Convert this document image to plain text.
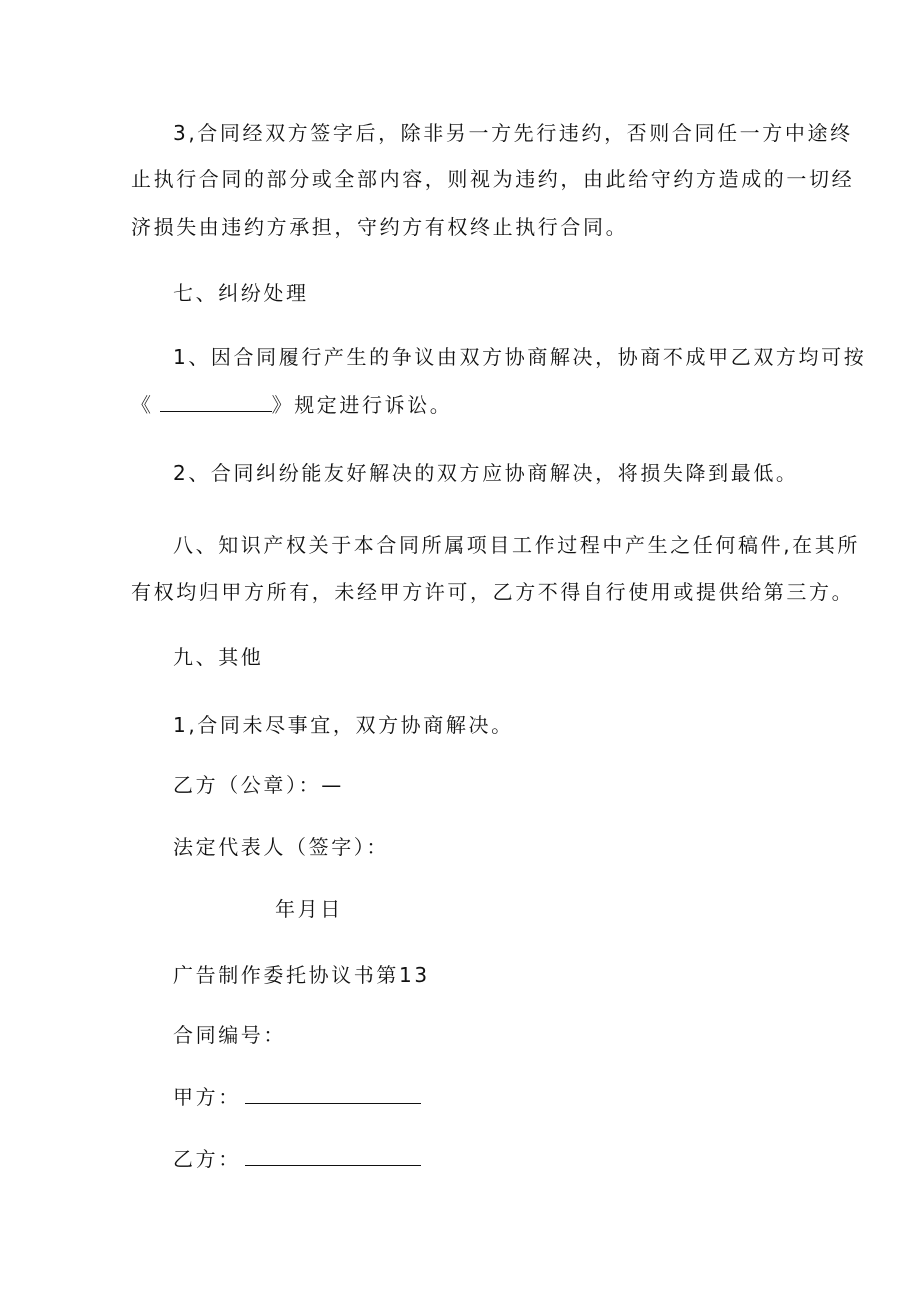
3,合同经双方签字后，除非另一方先行违约，否则合同任一方中途终
止执行合同的部分或全部内容，则视为违约，由此给守约方造成的一切经
济损失由违约方承担，守约方有权终止执行合同。
七、纠纷处理
1、因合同履行产生的争议由双方协商解决，协商不成甲乙双方均可按
《	》规定进行诉讼。
2、合同纠纷能友好解决的双方应协商解决，将损失降到最低。
八、知识产权关于本合同所属项目工作过程中产生之任何稿件,在其所
有权均归甲方所有，未经甲方许可，乙方不得自行使用或提供给第三方。
九、其他
1,合同未尽事宜，双方协商解决。
乙方（公章）：—
法定代表人（签字）：
年月日
广告制作委托协议书第13
合同编号：
甲方：
乙方：
